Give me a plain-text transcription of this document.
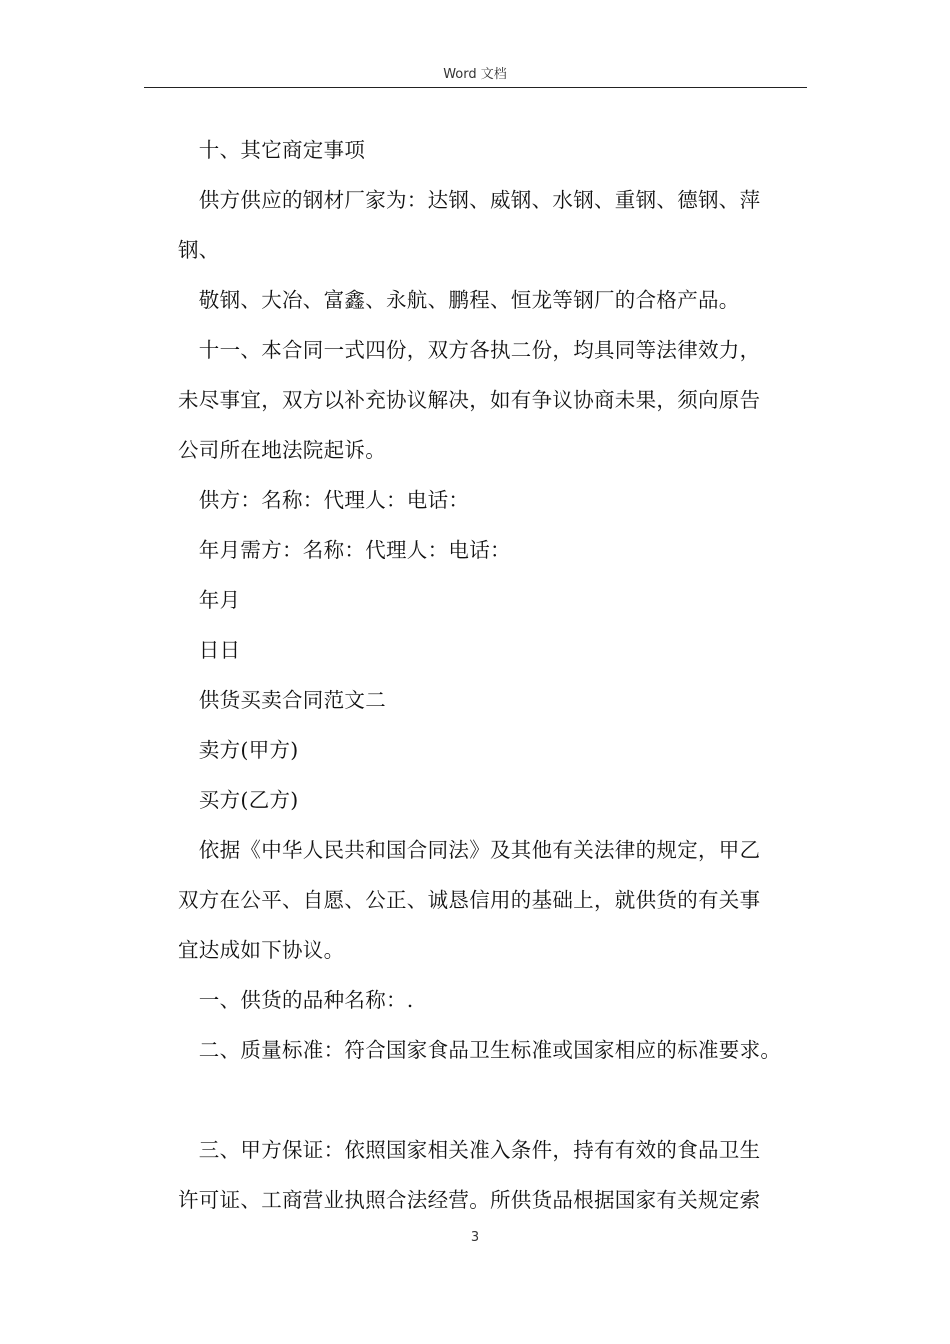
Word 文档

　十、其它商定事项

　供方供应的钢材厂家为：达钢、威钢、水钢、重钢、德钢、萍

钢、

　敬钢、大冶、富鑫、永航、鹏程、恒龙等钢厂的合格产品。

　十一、本合同一式四份，双方各执二份，均具同等法律效力，

未尽事宜，双方以补充协议解决，如有争议协商未果，须向原告

公司所在地法院起诉。

　供方：名称：代理人：电话：

　年月需方：名称：代理人：电话：

　年月

　日日

　供货买卖合同范文二

　卖方(甲方)

　买方(乙方)

　依据《中华人民共和国合同法》及其他有关法律的规定，甲乙

双方在公平、自愿、公正、诚恳信用的基础上，就供货的有关事

宜达成如下协议。

　一、供货的品种名称：.

　二、质量标准：符合国家食品卫生标准或国家相应的标准要求。

　三、甲方保证：依照国家相关准入条件，持有有效的食品卫生

许可证、工商营业执照合法经营。所供货品根据国家有关规定索

3
